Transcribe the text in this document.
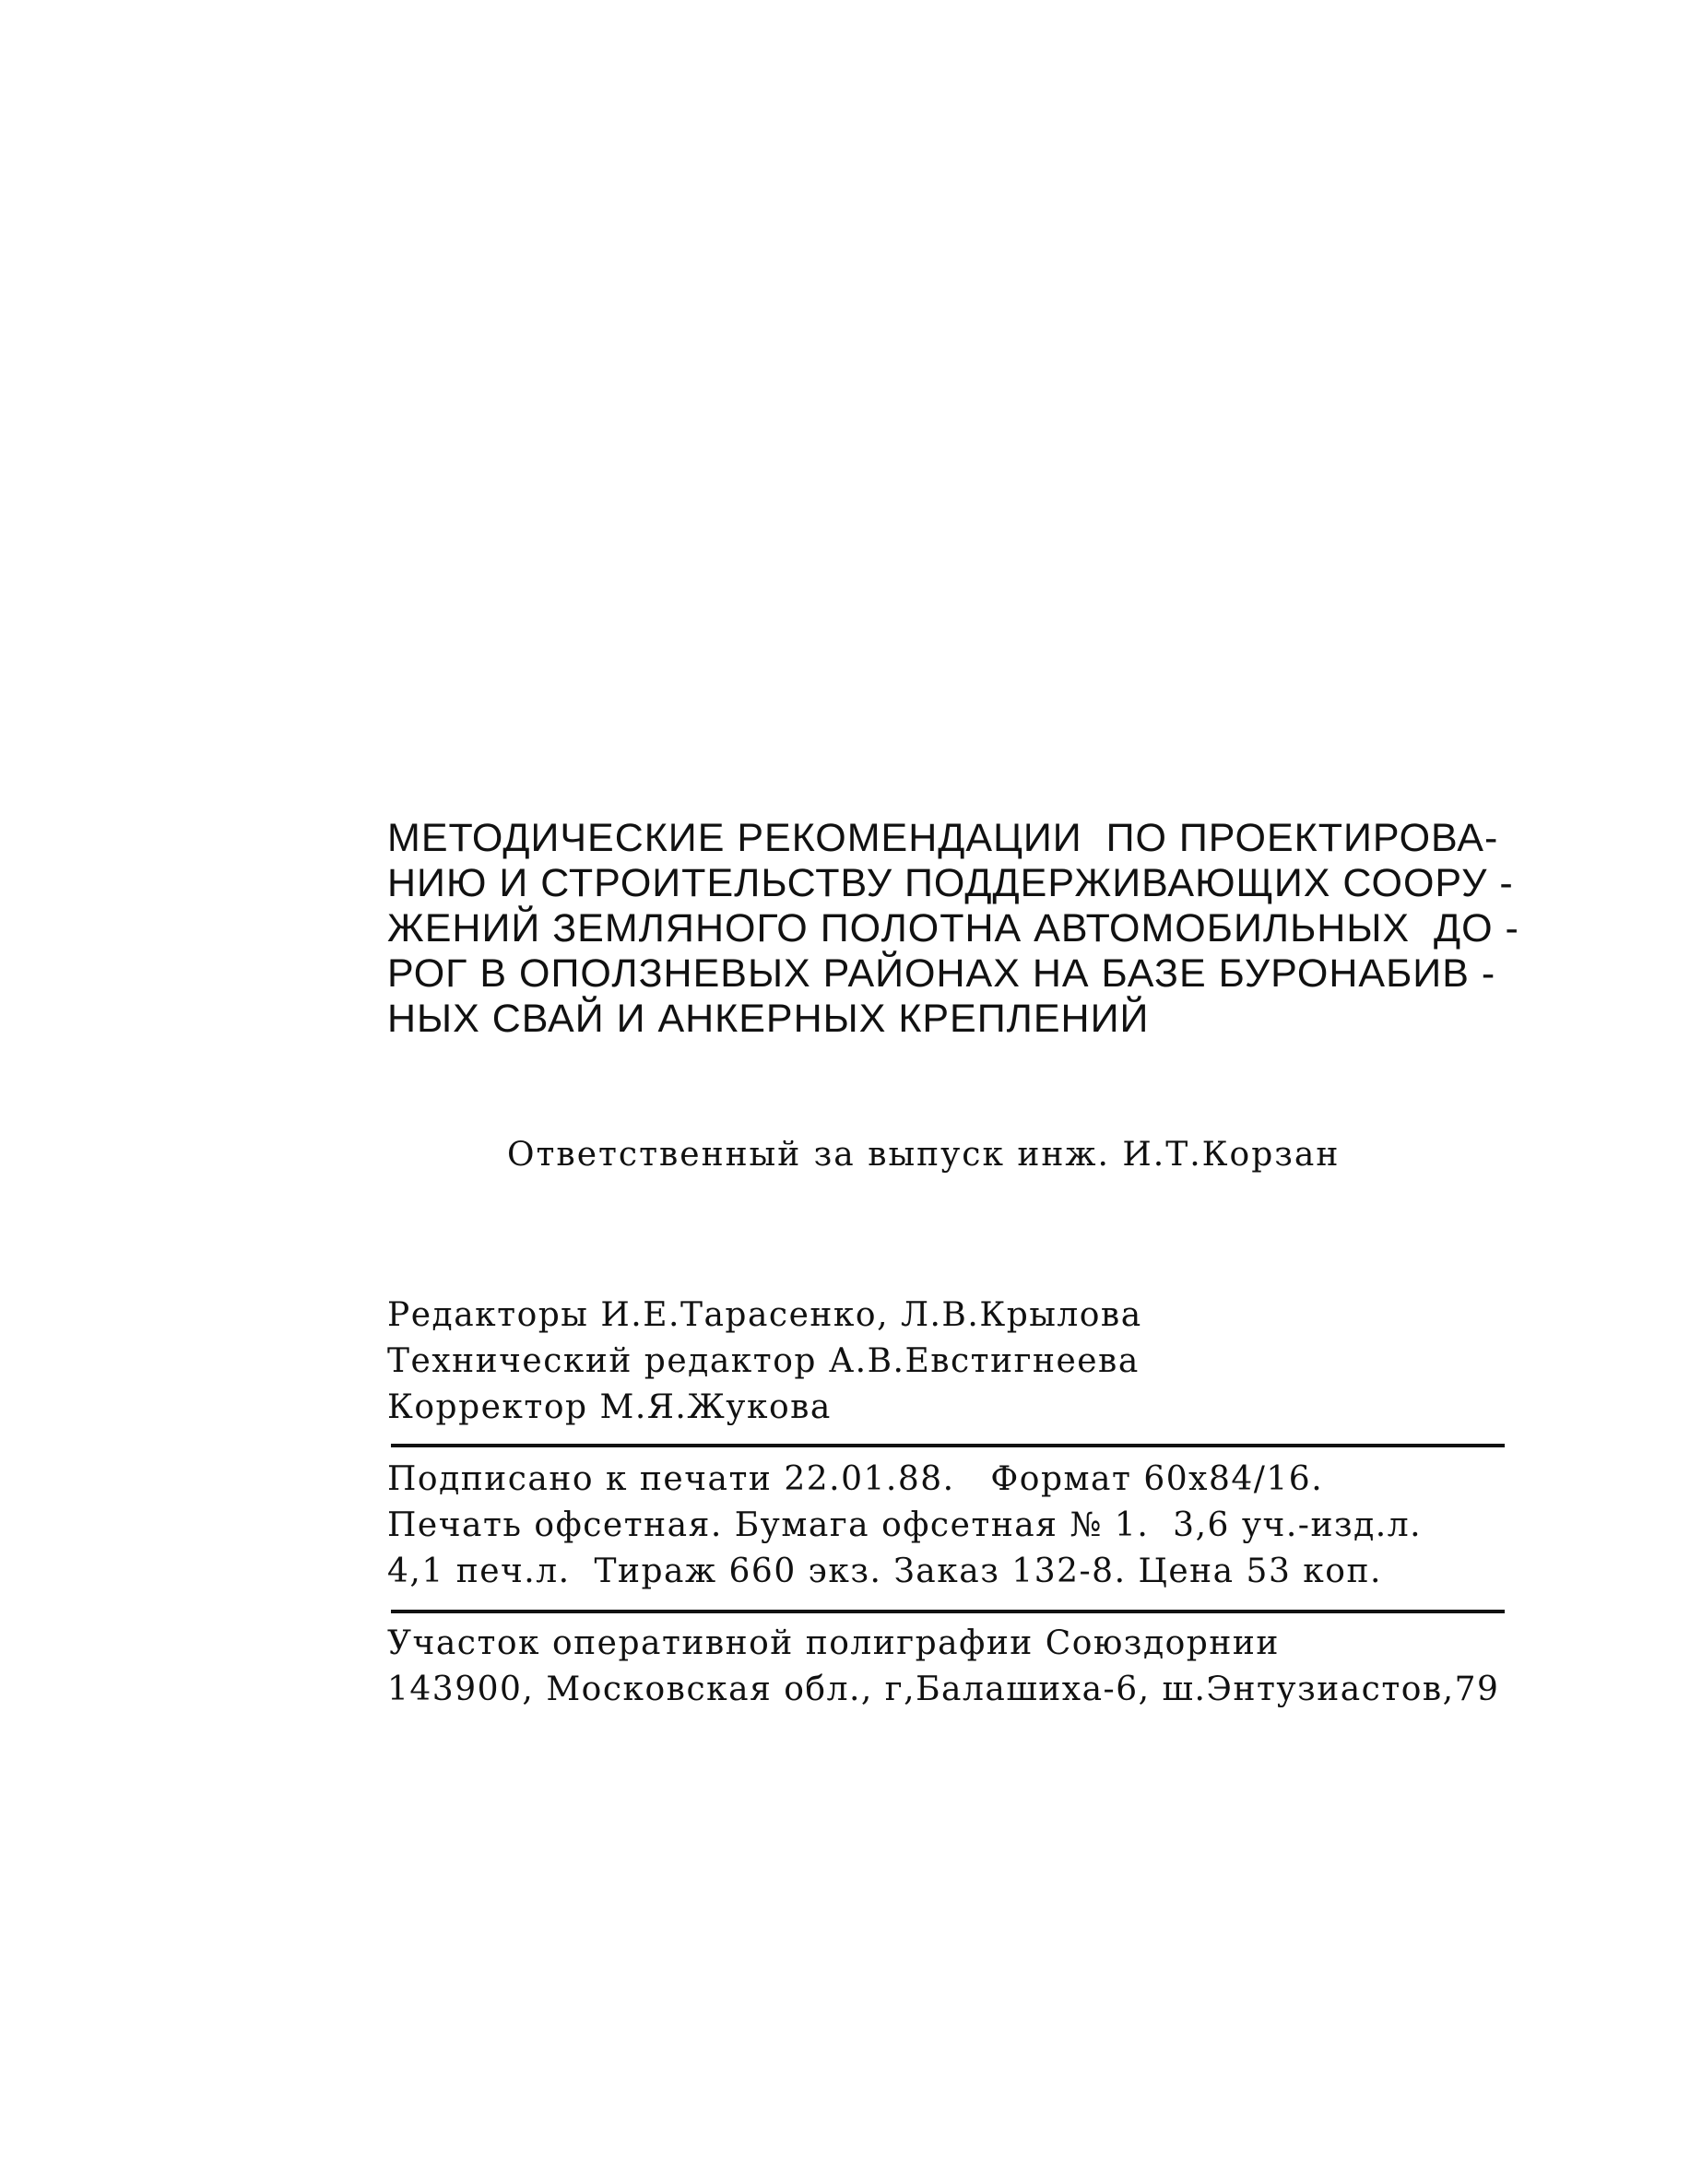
МЕТОДИЧЕСКИЕ РЕКОМЕНДАЦИИ  ПО ПРОЕКТИРОВА-
НИЮ И СТРОИТЕЛЬСТВУ ПОДДЕРЖИВАЮЩИХ СООРУ -
ЖЕНИЙ ЗЕМЛЯНОГО ПОЛОТНА АВТОМОБИЛЬНЫХ  ДО -
РОГ В ОПОЛЗНЕВЫХ РАЙОНАХ НА БАЗЕ БУРОНАБИВ -
НЫХ СВАЙ И АНКЕРНЫХ КРЕПЛЕНИЙ
Ответственный за выпуск инж. И.Т.Корзан
Редакторы И.Е.Тарасенко, Л.В.Крылова
Технический редактор А.В.Евстигнеева
Корректор М.Я.Жукова
Подписано к печати 22.01.88.   Формат 60x84/16.
Печать офсетная. Бумага офсетная № 1.  3,6 уч.-изд.л.
4,1 печ.л.  Тираж 660 экз. Заказ 132-8. Цена 53 коп.
Участок оперативной полиграфии Союздорнии
143900, Московская обл., г,Балашиха-6, ш.Энтузиастов,79
